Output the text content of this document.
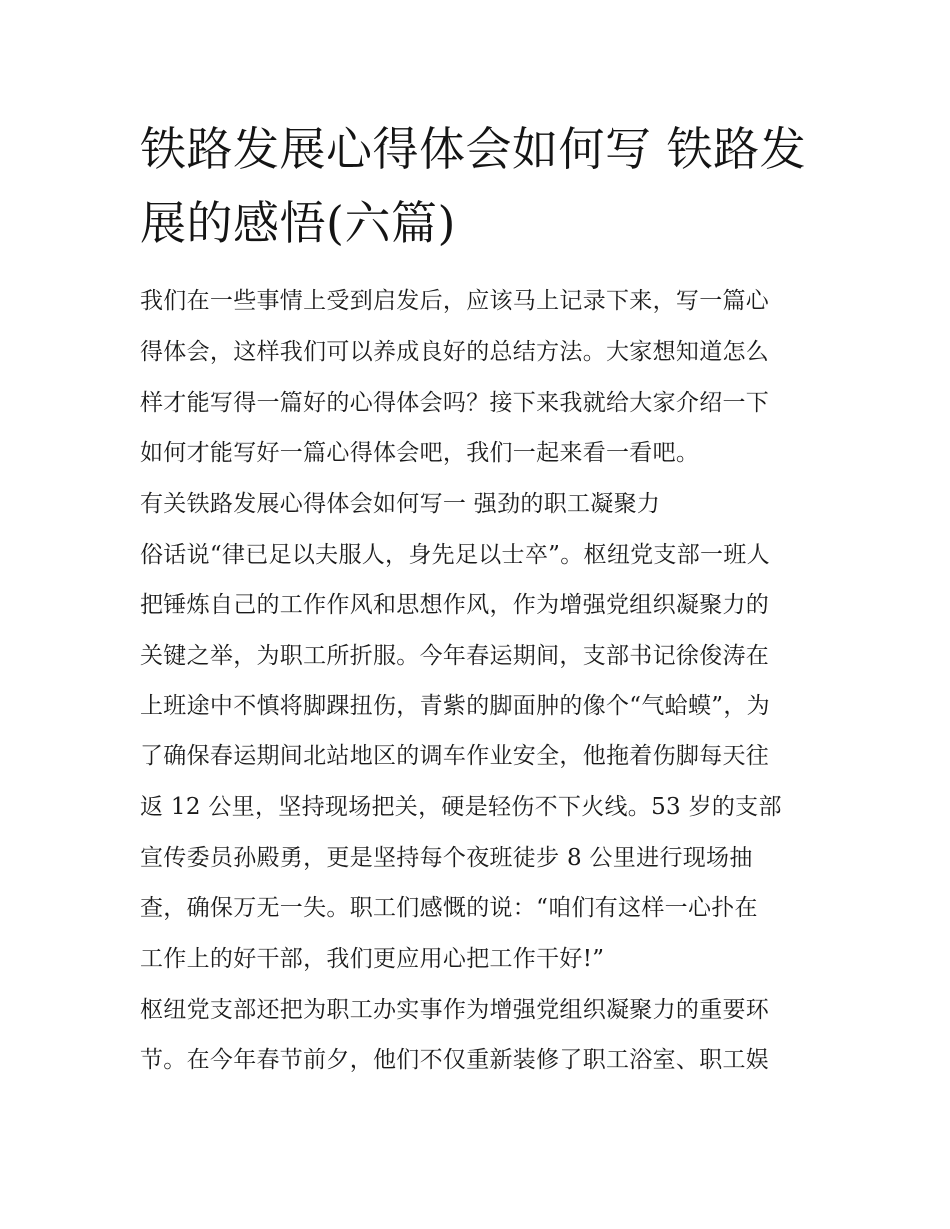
铁路发展心得体会如何写 铁路发展的感悟(六篇)

我们在一些事情上受到启发后，应该马上记录下来，写一篇心

得体会，这样我们可以养成良好的总结方法。大家想知道怎么

样才能写得一篇好的心得体会吗？接下来我就给大家介绍一下

如何才能写好一篇心得体会吧，我们一起来看一看吧。

有关铁路发展心得体会如何写一 强劲的职工凝聚力

俗话说“律已足以夫服人，身先足以士卒”。枢纽党支部一班人

把锤炼自己的工作作风和思想作风，作为增强党组织凝聚力的

关键之举，为职工所折服。今年春运期间，支部书记徐俊涛在

上班途中不慎将脚踝扭伤，青紫的脚面肿的像个“气蛤蟆”，为

了确保春运期间北站地区的调车作业安全，他拖着伤脚每天往

返 12 公里，坚持现场把关，硬是轻伤不下火线。53 岁的支部

宣传委员孙殿勇，更是坚持每个夜班徒步 8 公里进行现场抽

查，确保万无一失。职工们感慨的说：“咱们有这样一心扑在

工作上的好干部，我们更应用心把工作干好!”

枢纽党支部还把为职工办实事作为增强党组织凝聚力的重要环

节。在今年春节前夕，他们不仅重新装修了职工浴室、职工娱
